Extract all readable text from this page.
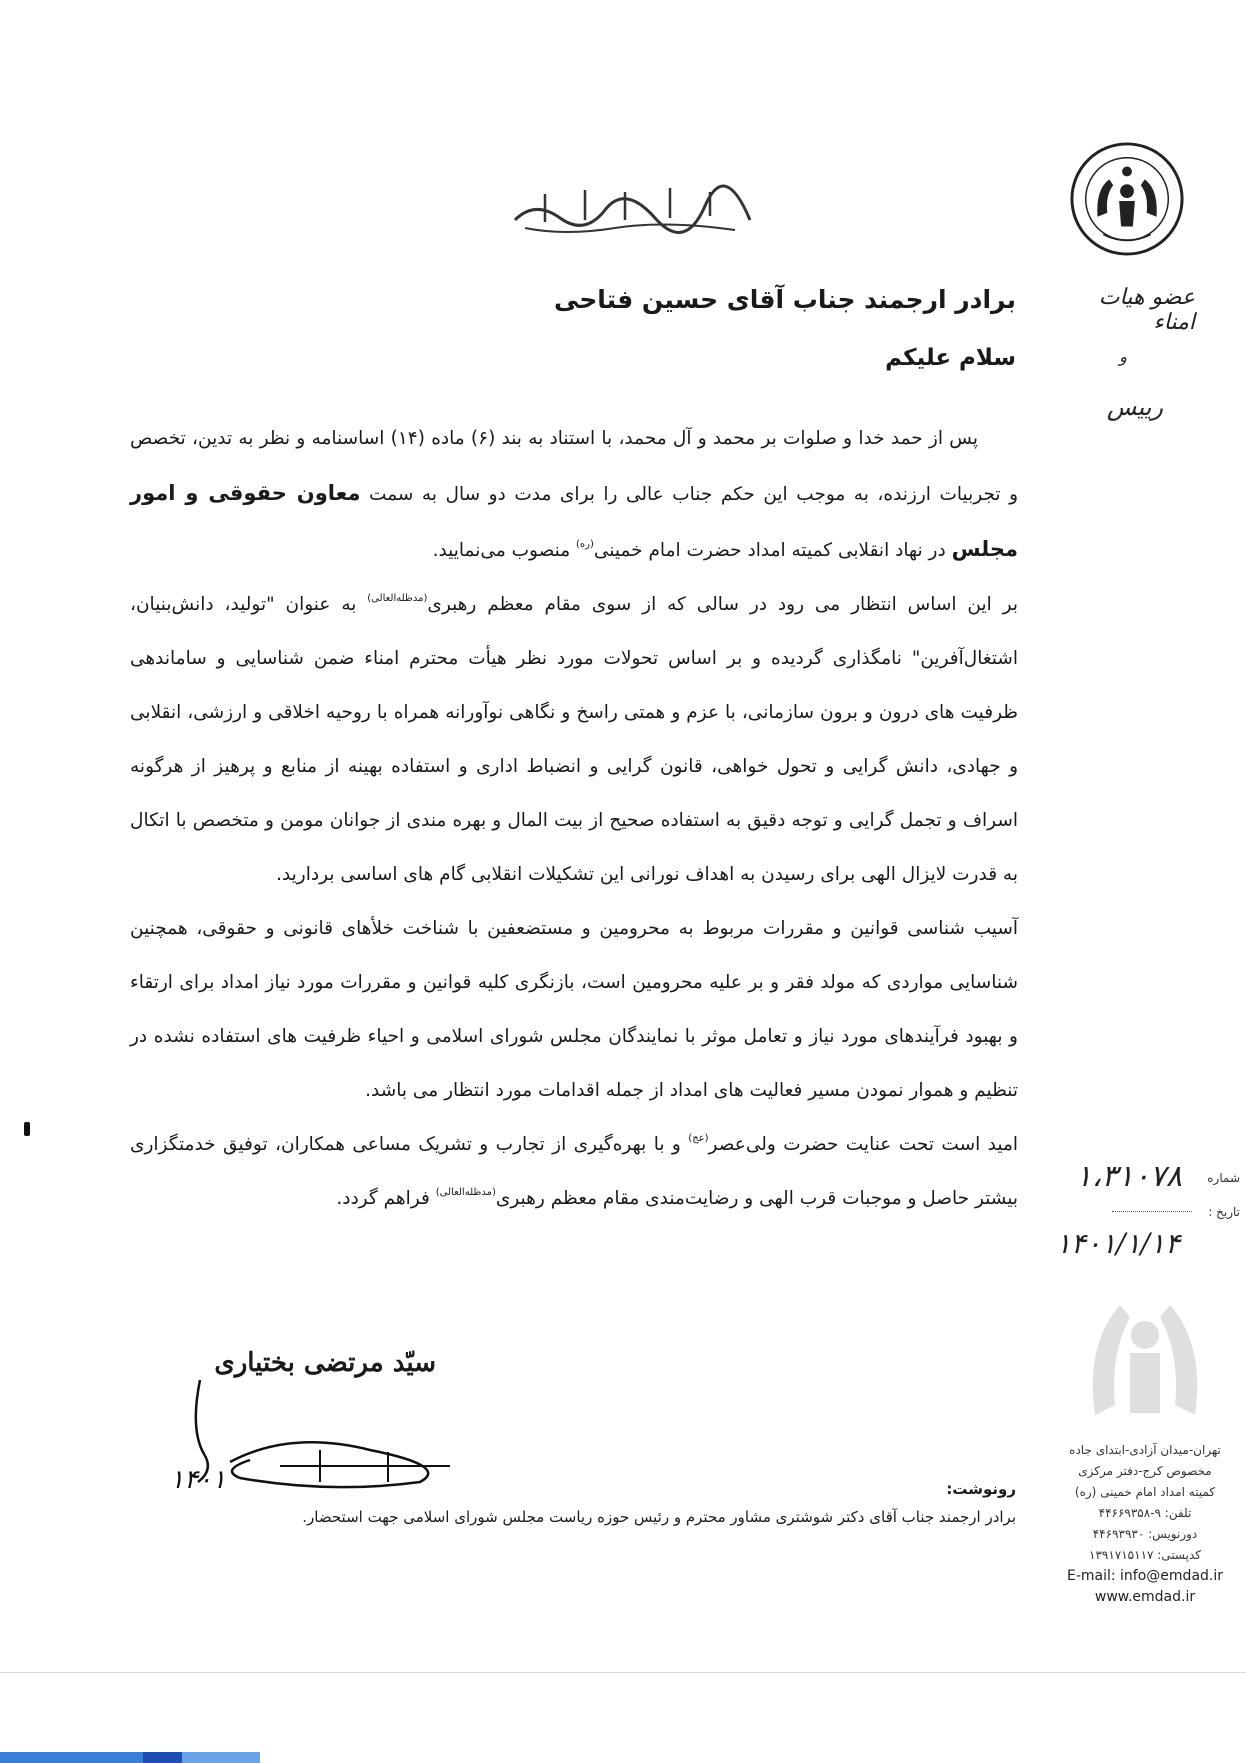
عضو هیات امناء
و
رییس
بسم الله الرحمن الرحیم
برادر ارجمند جناب آقای حسین فتاحی
سلام علیکم

پس از حمد خدا و صلوات بر محمد و آل محمد، با استناد به بند (۶) ماده (۱۴) اساسنامه و نظر به تدین، تخصص و تجربیات ارزنده، به موجب این حکم جناب عالی را برای مدت دو سال به سمت معاون حقوقی و امور مجلس در نهاد انقلابی کمیته امداد حضرت امام خمینی$^{(ره)}$ منصوب می‌نمایید.

بر این اساس انتظار می رود در سالی که از سوی مقام معظم رهبری$^{(مدظله‌العالی)}$ به عنوان "تولید، دانش‌بنیان، اشتغال‌آفرین" نامگذاری گردیده و بر اساس تحولات مورد نظر هیأت محترم امناء ضمن شناسایی و ساماندهی ظرفیت های درون و برون سازمانی، با عزم و همتی راسخ و نگاهی نوآورانه همراه با روحیه اخلاقی و ارزشی، انقلابی و جهادی، دانش گرایی و تحول خواهی، قانون گرایی و انضباط اداری و استفاده بهینه از منابع و پرهیز از هرگونه اسراف و تجمل گرایی و توجه دقیق به استفاده صحیح از بیت المال و بهره مندی از جوانان مومن و متخصص با اتکال به قدرت لایزال الهی برای رسیدن به اهداف نورانی این تشکیلات انقلابی گام های اساسی بردارید.

آسیب شناسی قوانین و مقررات مربوط به محرومین و مستضعفین با شناخت خلأهای قانونی و حقوقی، همچنین شناسایی مواردی که مولد فقر و بر علیه محرومین است، بازنگری کلیه قوانین و مقررات مورد نیاز امداد برای ارتقاء و بهبود فرآیندهای مورد نیاز و تعامل موثر با نمایندگان مجلس شورای اسلامی و احیاء ظرفیت های استفاده نشده در تنظیم و هموار نمودن مسیر فعالیت های امداد از جمله اقدامات مورد انتظار می باشد.

امید است تحت عنایت حضرت ولی‌عصر$^{(عج)}$ و با بهره‌گیری از تجارب و تشریک مساعی همکاران، توفیق خدمتگزاری بیشتر حاصل و موجبات قرب الهی و رضایت‌مندی مقام معظم رهبری$^{(مدظله‌العالی)}$ فراهم گردد.

سیّد مرتضی بختیاری
۱۴۰۱	رونوشت:
برادر ارجمند جناب آقای دکتر شوشتری مشاور محترم و رئیس حوزه ریاست مجلس شورای اسلامی جهت استحضار.
شماره
۱،۳۱۰۷۸
تاریخ :
۱۴۰۱/۱/۱۴
تهران-میدان آزادی-ابتدای جاده
مخصوص کرج-دفتر مرکزی
کمیته امداد امام خمینی (ره)
تلفن: ۹-۴۴۶۶۹۳۵۸
دورنویس: ۴۴۶۹۳۹۳۰
کدپستی: ۱۳۹۱۷۱۵۱۱۷
E-mail: info@emdad.ir
www.emdad.ir
